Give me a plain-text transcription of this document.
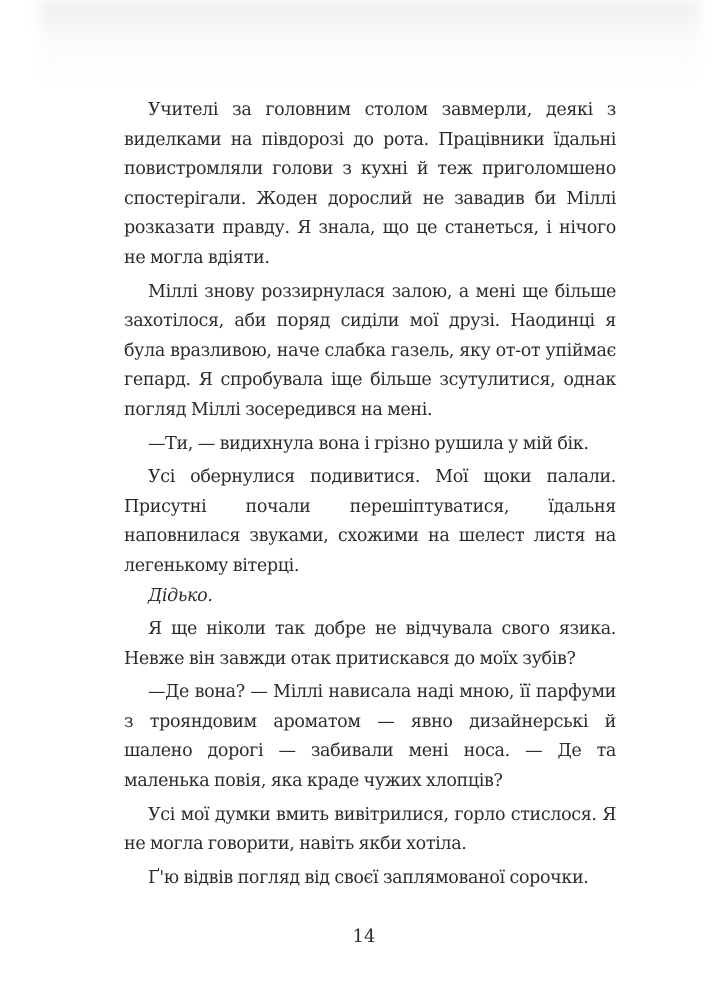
Учителі за головним столом завмерли, деякі з виделками на півдорозі до рота. Працівники їдальні повистромляли голови з кухні й теж приголомшено спостерігали. Жоден дорослий не завадив би Міллі розказати правду. Я знала, що це станеться, і нічого не могла вдіяти.

Міллі знову роззирнулася залою, а мені ще більше захотілося, аби поряд сиділи мої друзі. Наодинці я була вразливою, наче слабка газель, яку от-от упіймає гепард. Я спробувала іще більше зсутулитися, однак погляд Міллі зосередився на мені.

—Ти, — видихнула вона і грізно рушила у мій бік.

Усі обернулися подивитися. Мої щоки палали. Присутні почали перешіптуватися, їдальня наповнилася звуками, схожими на шелест листя на легенькому вітерці.

Дідько.

Я ще ніколи так добре не відчувала свого язика. Невже він завжди отак притискався до моїх зубів?

—Де вона? — Міллі нависала наді мною, її парфуми з трояндовим ароматом — явно дизайнерські й шалено дорогі — забивали мені носа. — Де та маленька повія, яка краде чужих хлопців?

Усі мої думки вмить вивітрилися, горло стислося. Я не могла говорити, навіть якби хотіла.

Ґ'ю відвів погляд від своєї заплямованої сорочки.

14
